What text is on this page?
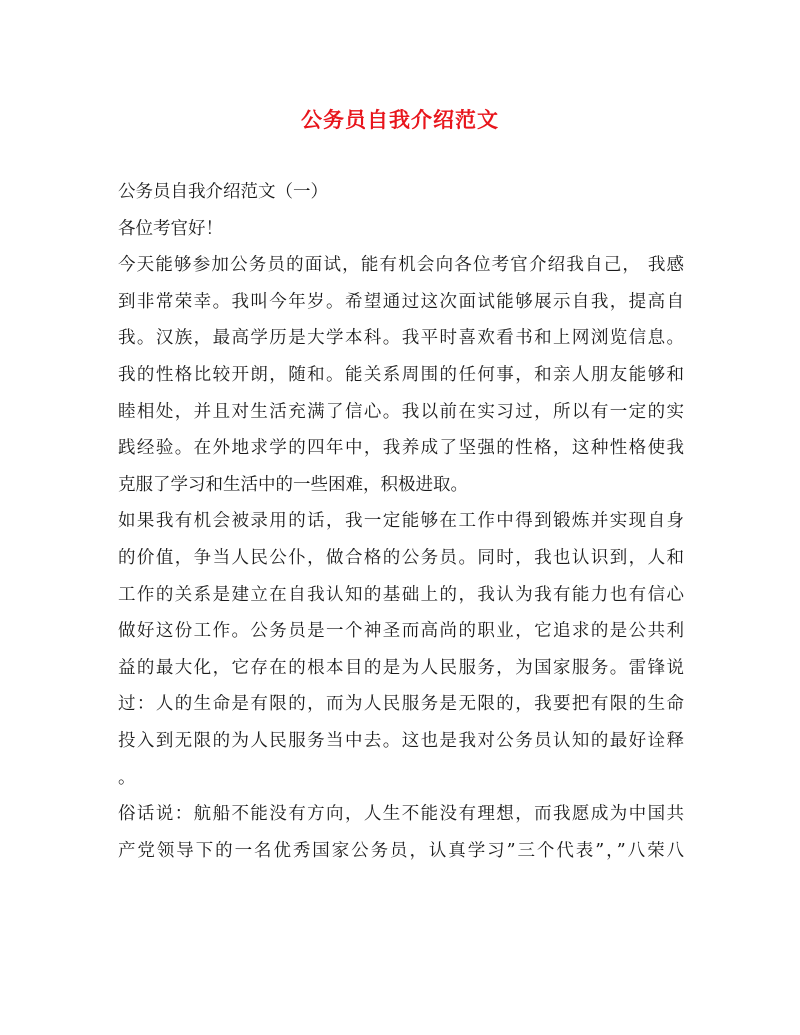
公务员自我介绍范文
公务员自我介绍范文（一）
各位考官好！
今天能够参加公务员的面试，能有机会向各位考官介绍我自己， 我感
到非常荣幸。我叫今年岁。希望通过这次面试能够展示自我，提高自
我。汉族，最高学历是大学本科。我平时喜欢看书和上网浏览信息。
我的性格比较开朗，随和。能关系周围的任何事，和亲人朋友能够和
睦相处，并且对生活充满了信心。我以前在实习过，所以有一定的实
践经验。在外地求学的四年中，我养成了坚强的性格，这种性格使我
克服了学习和生活中的一些困难，积极进取。
如果我有机会被录用的话，我一定能够在工作中得到锻炼并实现自身
的价值，争当人民公仆，做合格的公务员。同时，我也认识到，人和
工作的关系是建立在自我认知的基础上的，我认为我有能力也有信心
做好这份工作。公务员是一个神圣而高尚的职业，它追求的是公共利
益的最大化，它存在的根本目的是为人民服务，为国家服务。雷锋说
过：人的生命是有限的，而为人民服务是无限的，我要把有限的生命
投入到无限的为人民服务当中去。这也是我对公务员认知的最好诠释
。
俗话说：航船不能没有方向，人生不能没有理想，而我愿成为中国共
产党领导下的一名优秀国家公务员，认真学习”三个代表”，”八荣八
